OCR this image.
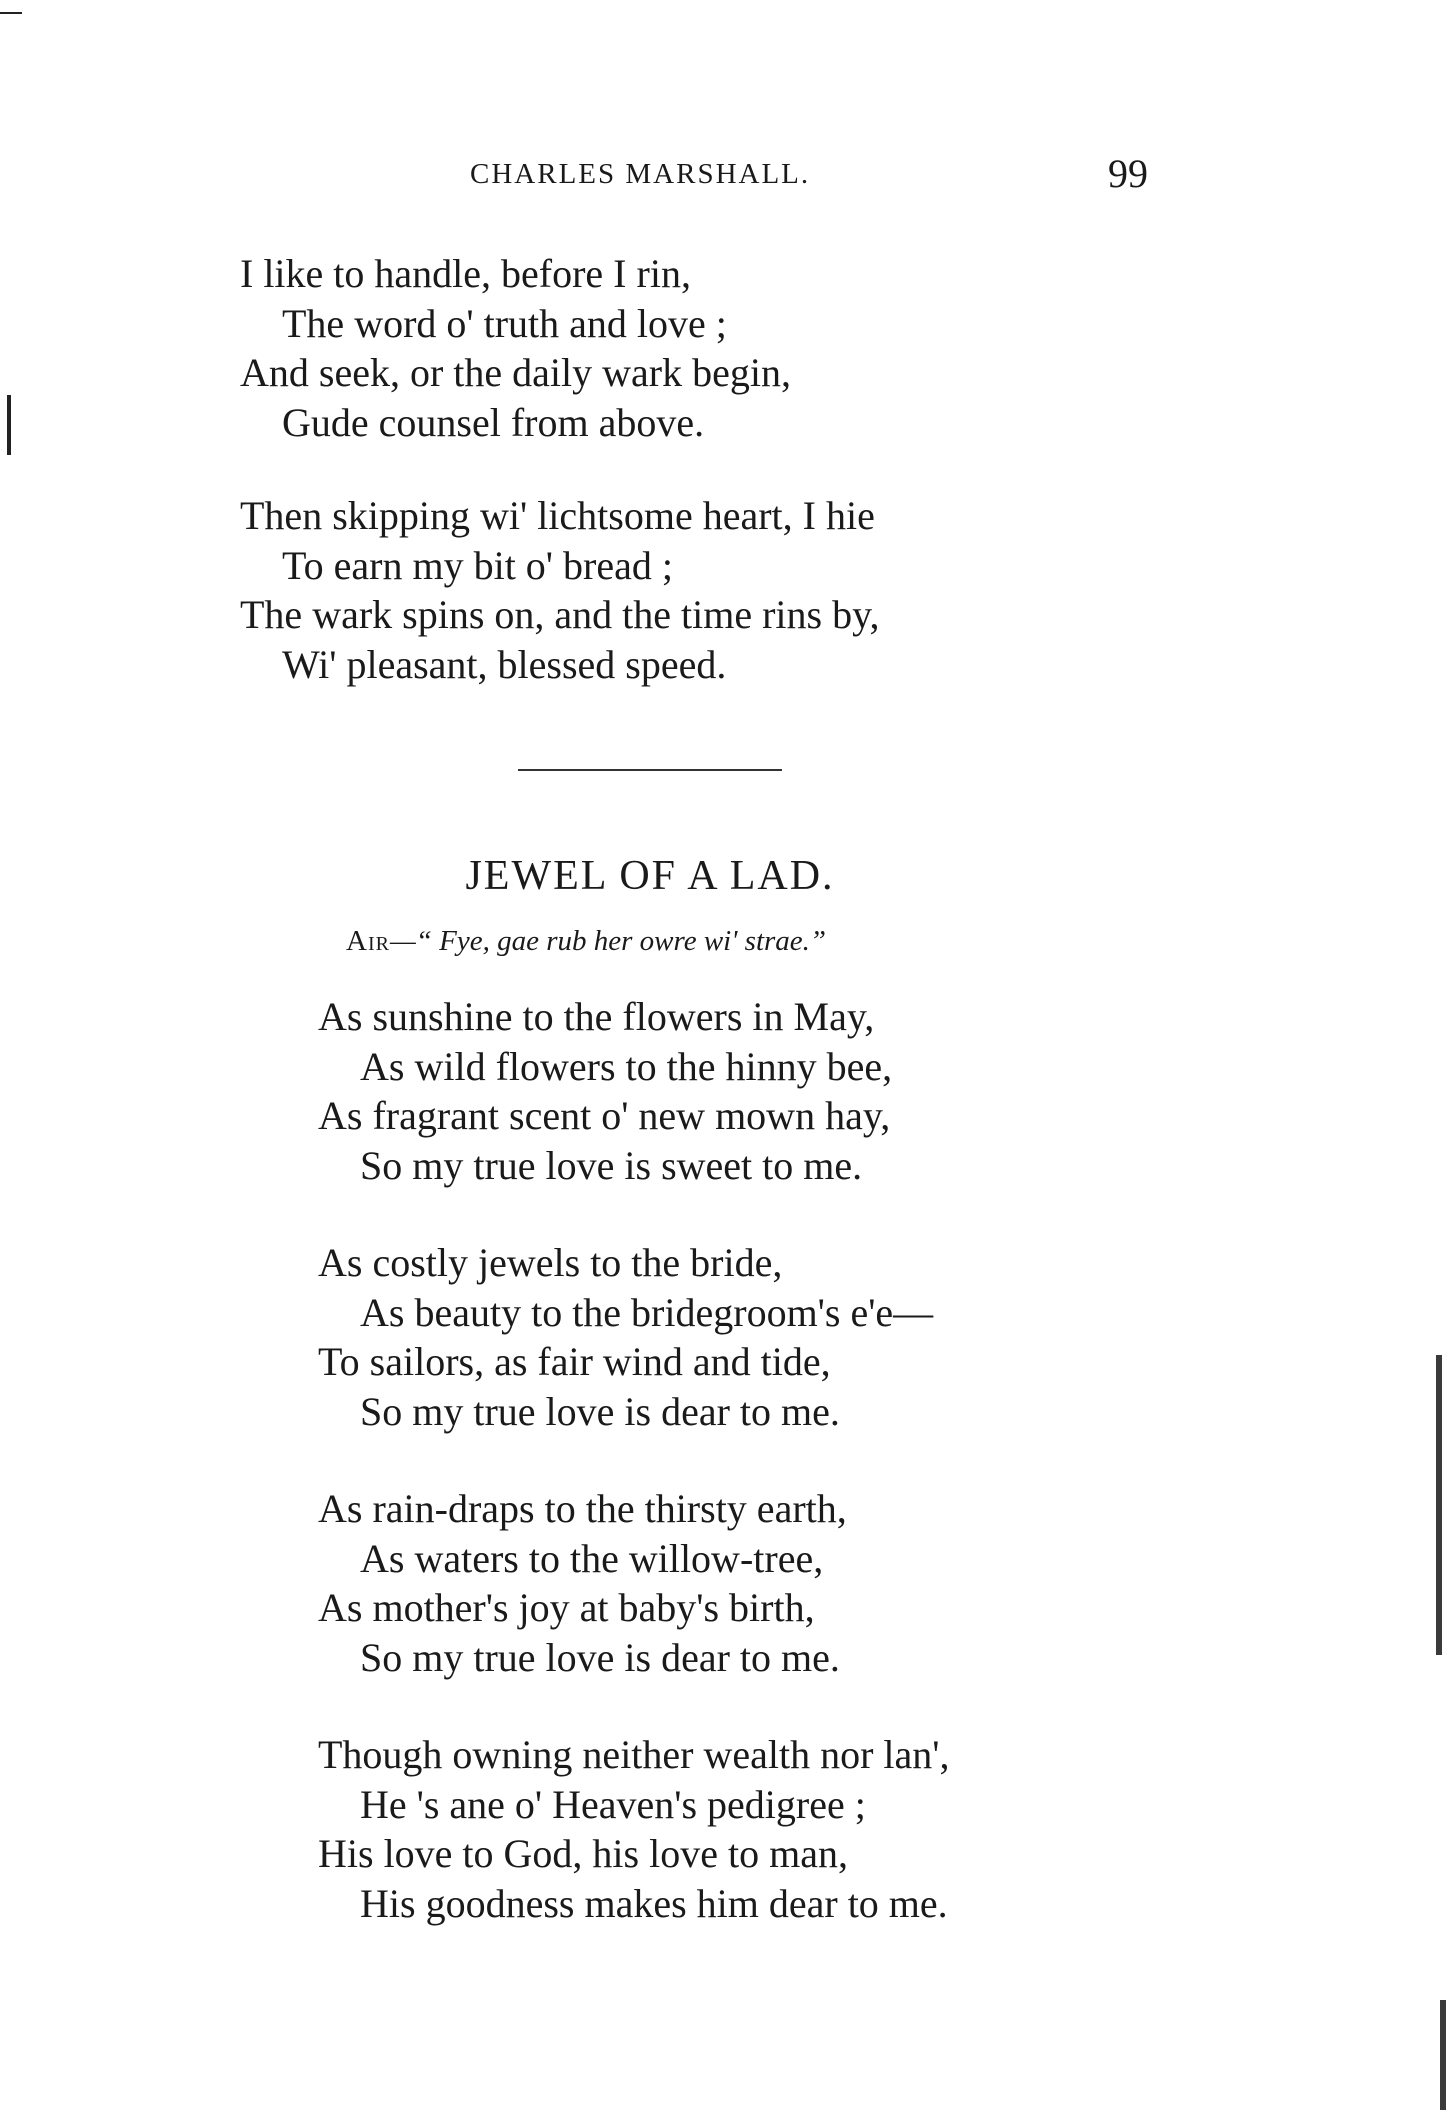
CHARLES MARSHALL.	99
I like to handle, before I rin,
The word o' truth and love ;
And seek, or the daily wark begin,
Gude counsel from above.
Then skipping wi' lichtsome heart, I hie
To earn my bit o' bread ;
The wark spins on, and the time rins by,
Wi' pleasant, blessed speed.
JEWEL OF A LAD.
Air—“ Fye, gae rub her owre wi' strae.”
As sunshine to the flowers in May,
As wild flowers to the hinny bee,
As fragrant scent o' new mown hay,
So my true love is sweet to me.
As costly jewels to the bride,
As beauty to the bridegroom's e'e—
To sailors, as fair wind and tide,
So my true love is dear to me.
As rain-draps to the thirsty earth,
As waters to the willow-tree,
As mother's joy at baby's birth,
So my true love is dear to me.
Though owning neither wealth nor lan',
He 's ane o' Heaven's pedigree ;
His love to God, his love to man,
His goodness makes him dear to me.
